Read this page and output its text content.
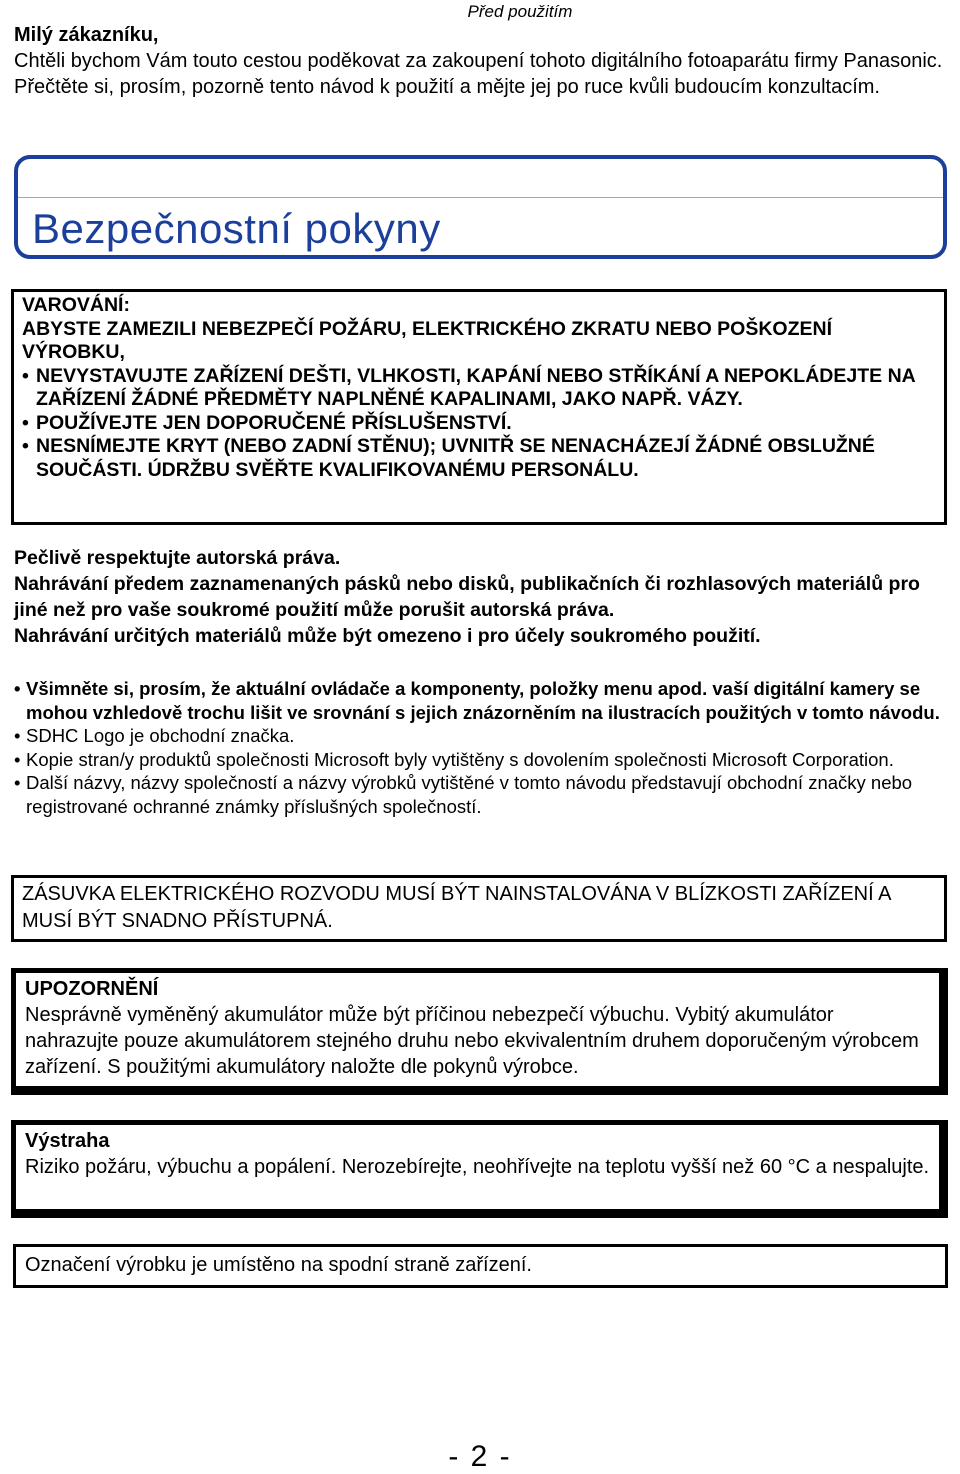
Před použitím
Milý zákazníku,
Chtěli bychom Vám touto cestou poděkovat za zakoupení tohoto digitálního fotoaparátu firmy Panasonic. Přečtěte si, prosím, pozorně tento návod k použití a mějte jej po ruce kvůli budoucím konzultacím.
Bezpečnostní pokyny
VAROVÁNÍ:
ABYSTE ZAMEZILI NEBEZPEČÍ POŽÁRU, ELEKTRICKÉHO ZKRATU NEBO POŠKOZENÍ VÝROBKU,
• NEVYSTAVUJTE ZAŘÍZENÍ DEŠTI, VLHKOSTI, KAPÁNÍ NEBO STŘÍKÁNÍ A NEPOKLÁDEJTE NA ZAŘÍZENÍ ŽÁDNÉ PŘEDMĚTY NAPLNĚNÉ KAPALINAMI, JAKO NAPŘ. VÁZY.
• POUŽÍVEJTE JEN DOPORUČENÉ PŘÍSLUŠENSTVÍ.
• NESNÍMEJTE KRYT (NEBO ZADNÍ STĚNU); UVNITŘ SE NENACHÁZEJÍ ŽÁDNÉ OBSLUŽNÉ SOUČÁSTI. ÚDRŽBU SVĚŘTE KVALIFIKOVANÉMU PERSONÁLU.
Pečlivě respektujte autorská práva.
Nahrávání předem zaznamenaných pásků nebo disků, publikačních či rozhlasových materiálů pro jiné než pro vaše soukromé použití může porušit autorská práva.
Nahrávání určitých materiálů může být omezeno i pro účely soukromého použití.
• Všimněte si, prosím, že aktuální ovládače a komponenty, položky menu apod. vaší digitální kamery se mohou vzhledově trochu lišit ve srovnání s jejich znázorněním na ilustracích použitých v tomto návodu.
• SDHC Logo je obchodní značka.
• Kopie stran/y produktů společnosti Microsoft byly vytištěny s dovolením společnosti Microsoft Corporation.
• Další názvy, názvy společností a názvy výrobků vytištěné v tomto návodu představují obchodní značky nebo registrované ochranné známky příslušných společností.
ZÁSUVKA ELEKTRICKÉHO ROZVODU MUSÍ BÝT NAINSTALOVÁNA V BLÍZKOSTI ZAŘÍZENÍ A MUSÍ BÝT SNADNO PŘÍSTUPNÁ.
UPOZORNĚNÍ
Nesprávně vyměněný akumulátor může být příčinou nebezpečí výbuchu. Vybitý akumulátor nahrazujte pouze akumulátorem stejného druhu nebo ekvivalentním druhem doporučeným výrobcem zařízení. S použitými akumulátory naložte dle pokynů výrobce.
Výstraha
Riziko požáru, výbuchu a popálení. Nerozebírejte, neohřívejte na teplotu vyšší než 60 °C a nespalujte.
Označení výrobku je umístěno na spodní straně zařízení.
- 2 -
